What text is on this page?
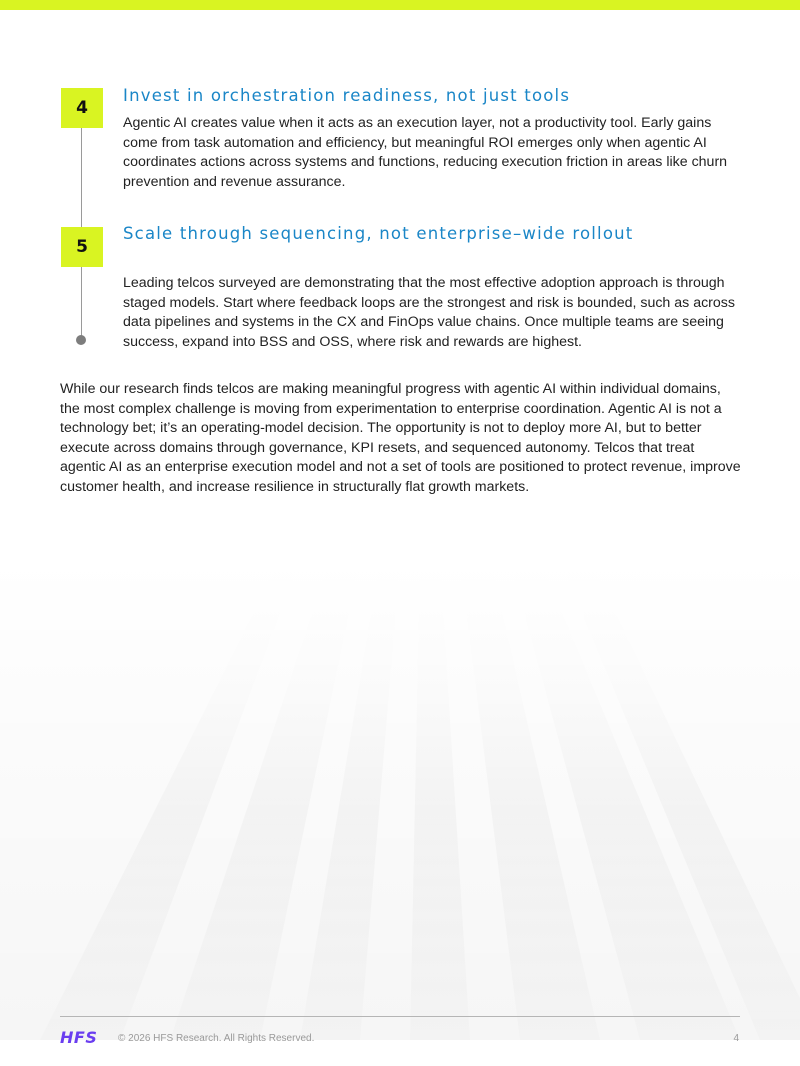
4
Invest in orchestration readiness, not just tools

Agentic AI creates value when it acts as an execution layer, not a productivity tool. Early gains come from task automation and efficiency, but meaningful ROI emerges only when agentic AI coordinates actions across systems and functions, reducing execution friction in areas like churn prevention and revenue assurance.

5
Scale through sequencing, not enterprise–wide rollout

Leading telcos surveyed are demonstrating that the most effective adoption approach is through staged models. Start where feedback loops are the strongest and risk is bounded, such as across data pipelines and systems in the CX and FinOps value chains. Once multiple teams are seeing success, expand into BSS and OSS, where risk and rewards are highest.

While our research finds telcos are making meaningful progress with agentic AI within individual domains, the most complex challenge is moving from experimentation to enterprise coordination. Agentic AI is not a technology bet; it’s an operating-model decision. The opportunity is not to deploy more AI, but to better execute across domains through governance, KPI resets, and sequenced autonomy. Telcos that treat agentic AI as an enterprise execution model and not a set of tools are positioned to protect revenue, improve customer health, and increase resilience in structurally flat growth markets.

HFS © 2026 HFS Research. All Rights Reserved.	4
